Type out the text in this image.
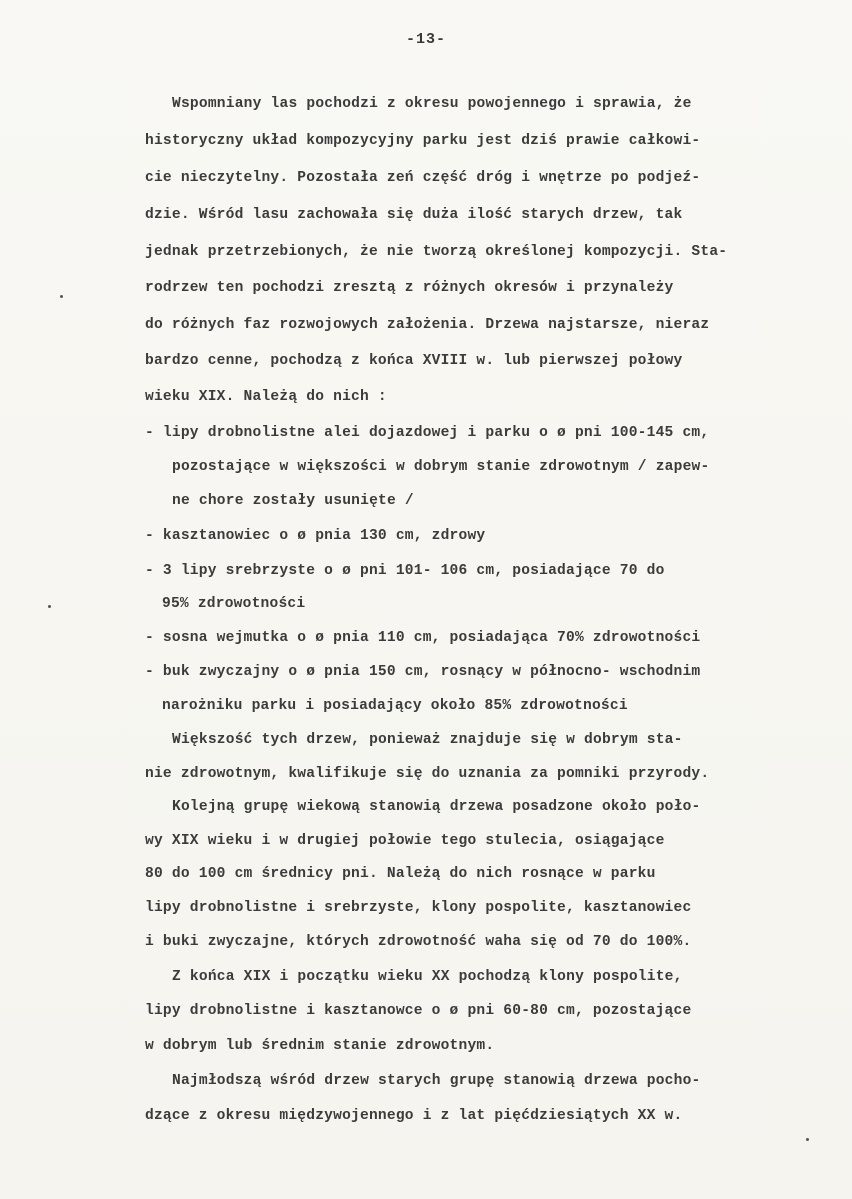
-13-
Wspomniany las pochodzi z okresu powojennego i sprawia, że
historyczny układ kompozycyjny parku jest dziś prawie całkowi-
cie nieczytelny. Pozostała zeń część dróg i wnętrze po podjeź-
dzie. Wśród lasu zachowała się duża ilość starych drzew, tak
jednak przetrzebionych, że nie tworzą określonej kompozycji. Sta-
rodrzew ten pochodzi zresztą z różnych okresów i przynależy
do różnych faz rozwojowych założenia. Drzewa najstarsze, nieraz
bardzo cenne, pochodzą z końca XVIII w. lub pierwszej połowy
wieku XIX. Należą do nich :
- lipy drobnolistne alei dojazdowej i parku o ø pni 100-145 cm,
pozostające w większości w dobrym stanie zdrowotnym / zapew-
ne chore zostały usunięte /
- kasztanowiec o ø pnia 130 cm, zdrowy
- 3 lipy srebrzyste o ø pni 101- 106 cm, posiadające 70 do
95% zdrowotności
- sosna wejmutka o ø pnia 110 cm, posiadająca 70% zdrowotności
- buk zwyczajny o ø pnia 150 cm, rosnący w północno- wschodnim
narożniku parku i posiadający około 85% zdrowotności
Większość tych drzew, ponieważ znajduje się w dobrym sta-
nie zdrowotnym, kwalifikuje się do uznania za pomniki przyrody.
Kolejną grupę wiekową stanowią drzewa posadzone około poło-
wy XIX wieku i w drugiej połowie tego stulecia, osiągające
80 do 100 cm średnicy pni. Należą do nich rosnące w parku
lipy drobnolistne i srebrzyste, klony pospolite, kasztanowiec
i buki zwyczajne, których zdrowotność waha się od 70 do 100%.
Z końca XIX i początku wieku XX pochodzą klony pospolite,
lipy drobnolistne i kasztanowce o ø pni 60-80 cm, pozostające
w dobrym lub średnim stanie zdrowotnym.
Najmłodszą wśród drzew starych grupę stanowią drzewa pocho-
dzące z okresu międzywojennego i z lat pięćdziesiątych XX w.
